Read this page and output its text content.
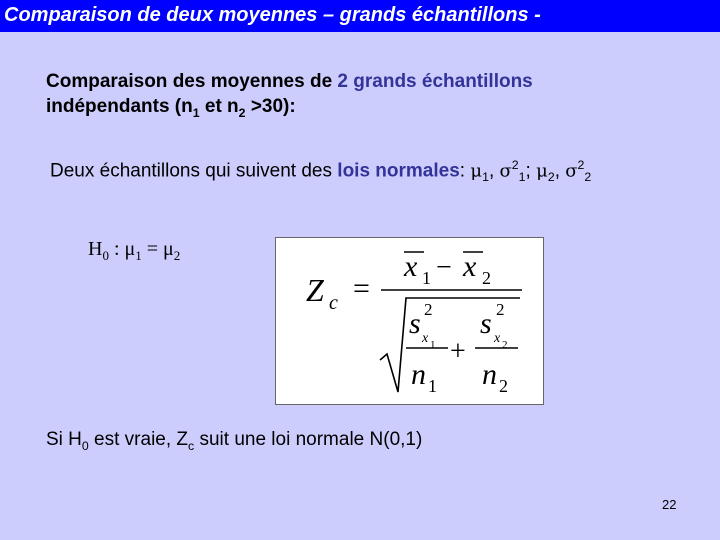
Comparaison de deux moyennes – grands échantillons -
Comparaison des moyennes de 2 grands échantillons
indépendants ($n_1$ et $n_2 >30$):
Deux échantillons qui suivent des lois normales: $\mu_1$, $\sigma^2_1$; $\mu_2$, $\sigma^2_2$
$H_0$ : $\mu_1 = \mu_2$
Z c =
x 1 − x 2
s 2
x 1
n 1
+
s 2
x 2
n 2
Si $H_0$ est vraie, $Z_c$ suit une loi normale N(0,1)
22
